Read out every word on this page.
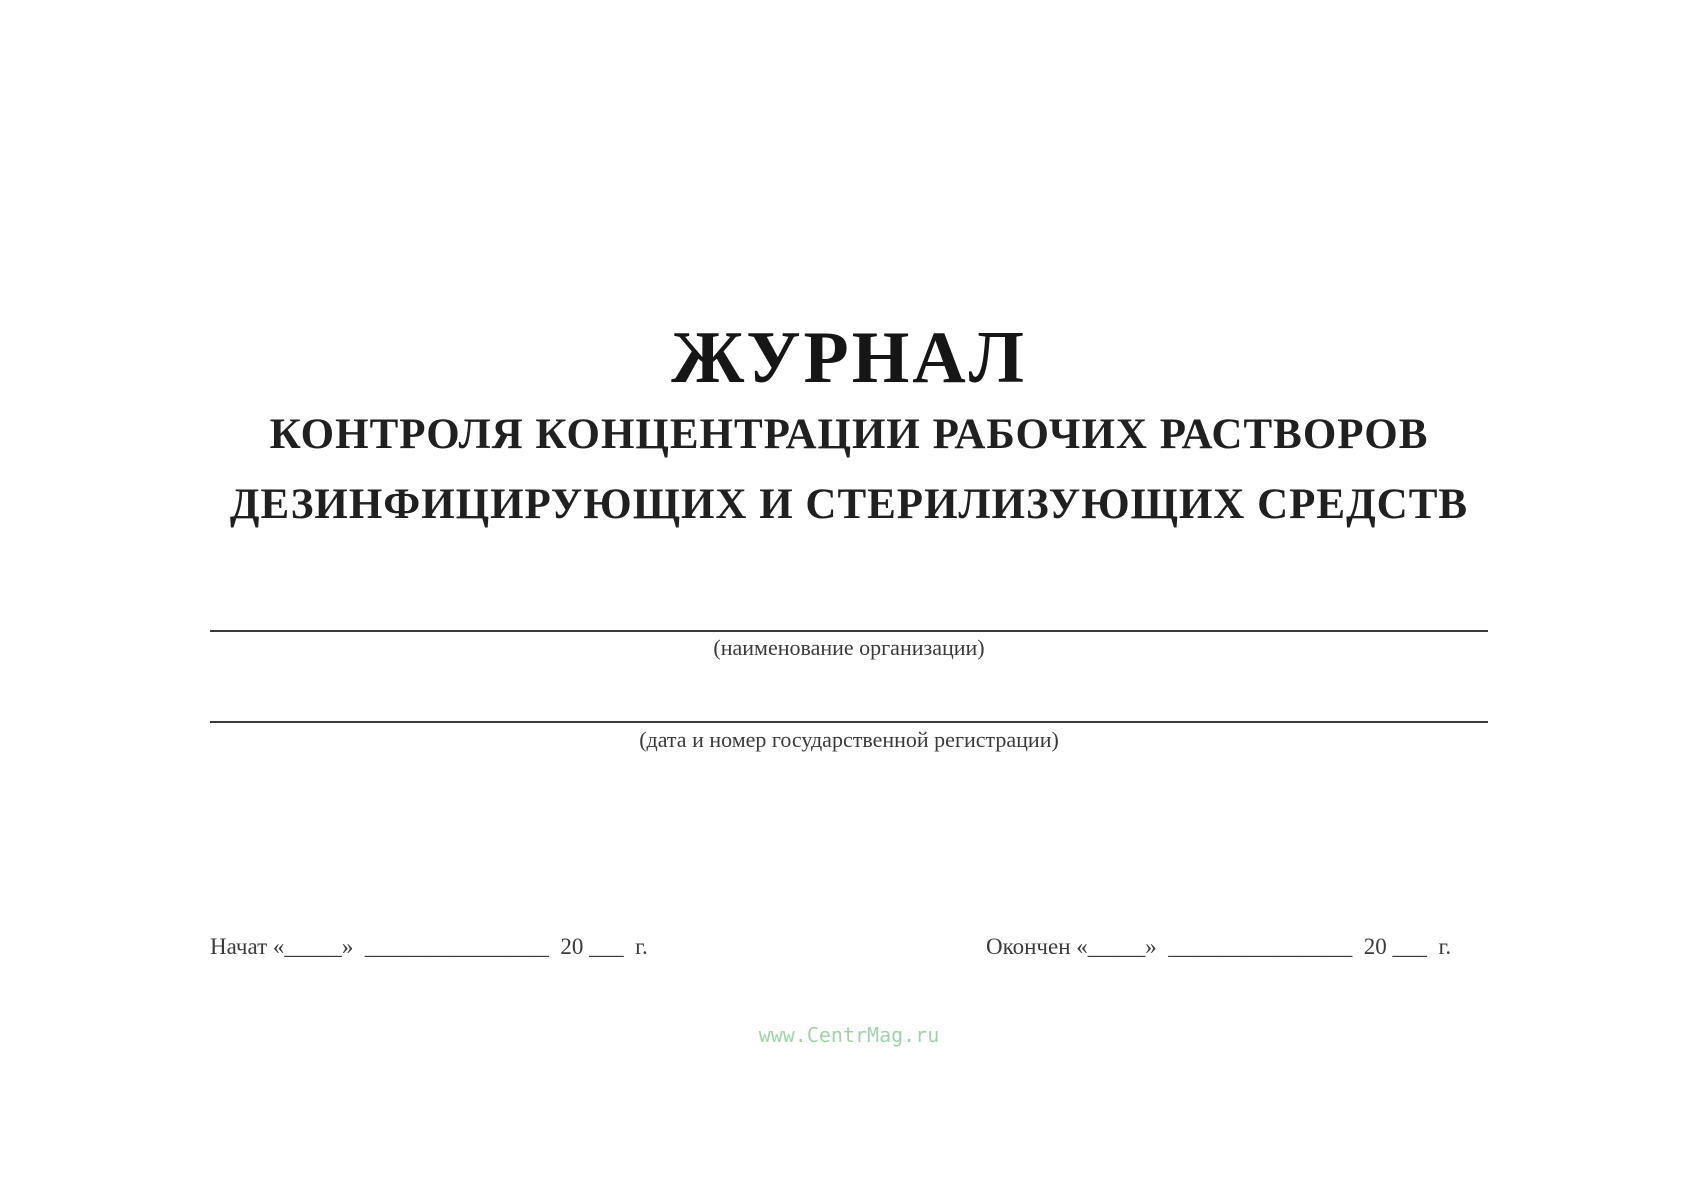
ЖУРНАЛ
КОНТРОЛЯ КОНЦЕНТРАЦИИ РАБОЧИХ РАСТВОРОВ
ДЕЗИНФИЦИРУЮЩИХ И СТЕРИЛИЗУЮЩИХ СРЕДСТВ
(наименование организации)
(дата и номер государственной регистрации)
Начат «_____»  ________________  20 ___  г.	Окончен «_____»  ________________  20 ___  г.
www.CentrMag.ru
